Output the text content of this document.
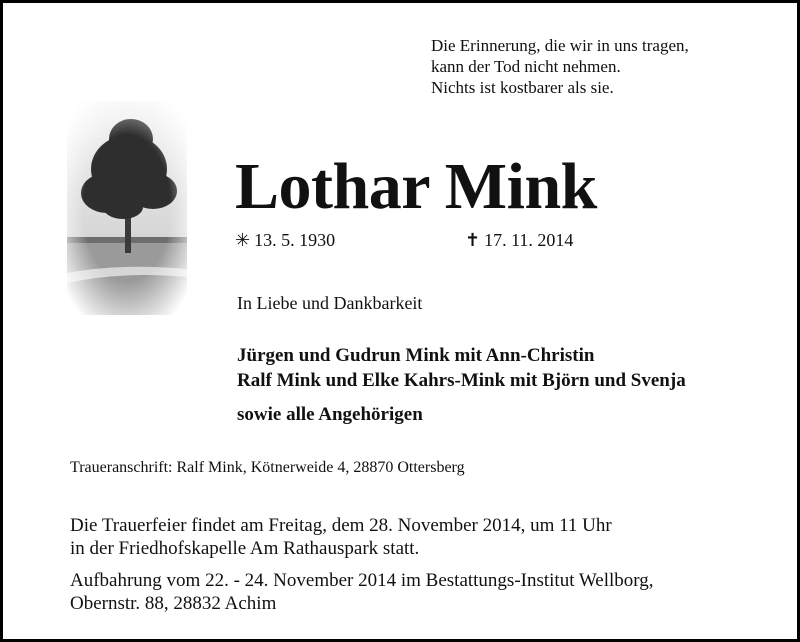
Die Erinnerung, die wir in uns tragen,
kann der Tod nicht nehmen.
Nichts ist kostbarer als sie.
Lothar Mink
✳ 13. 5. 1930	✝ 17. 11. 2014
In Liebe und Dankbarkeit
Jürgen und Gudrun Mink mit Ann-Christin
Ralf Mink und Elke Kahrs-Mink mit Björn und Svenja
sowie alle Angehörigen
Traueranschrift: Ralf Mink, Kötnerweide 4, 28870 Ottersberg
Die Trauerfeier findet am Freitag, dem 28. November 2014, um 11 Uhr
in der Friedhofskapelle Am Rathauspark statt.
Aufbahrung vom 22. - 24. November 2014 im Bestattungs-Institut Wellborg,
Obernstr. 88, 28832 Achim
